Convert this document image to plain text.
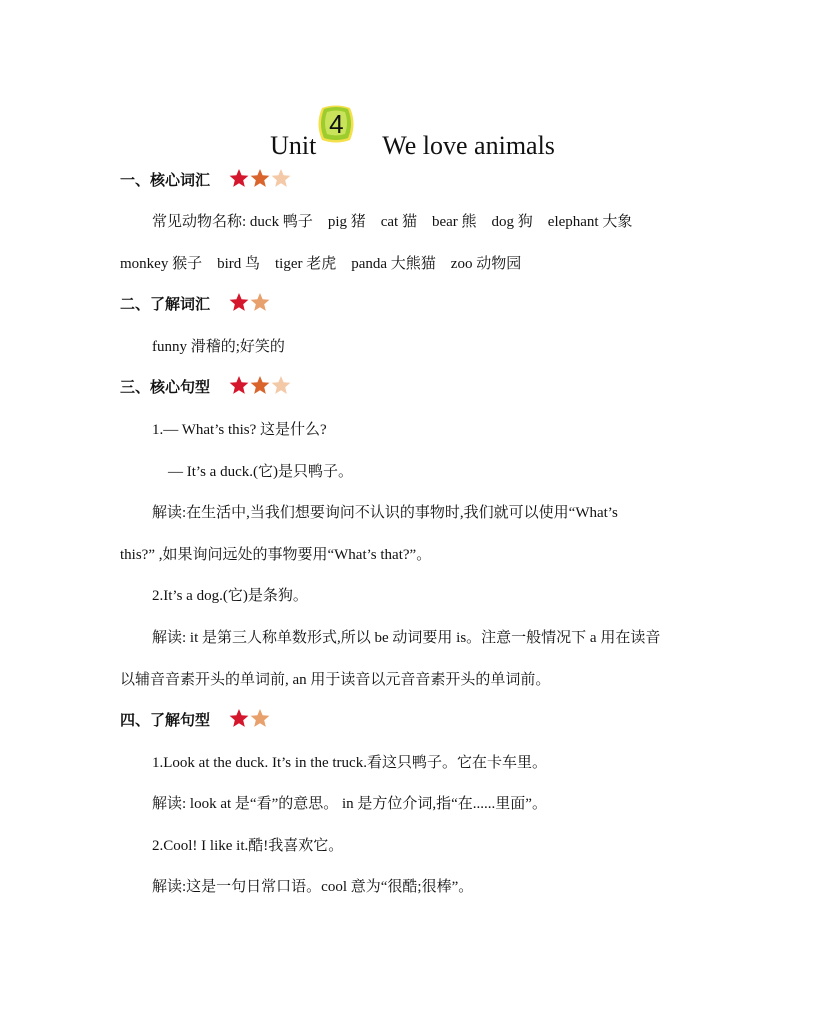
Unit
4
We love animals
一、核心词汇
常见动物名称: duck 鸭子　pig 猪　cat 猫　bear 熊　dog 狗　elephant 大象
monkey 猴子　bird 鸟　tiger 老虎　panda 大熊猫　zoo 动物园
二、了解词汇
funny 滑稽的;好笑的
三、核心句型
1.— What’s this? 这是什么?
— It’s a duck.(它)是只鸭子。
解读:在生活中,当我们想要询问不认识的事物时,我们就可以使用“What’s
this?” ,如果询问远处的事物要用“What’s that?”。
2.It’s a dog.(它)是条狗。
解读: it 是第三人称单数形式,所以 be 动词要用 is。注意一般情况下 a 用在读音
以辅音音素开头的单词前, an 用于读音以元音音素开头的单词前。
四、了解句型
1.Look at the duck. It’s in the truck.看这只鸭子。它在卡车里。
解读: look at 是“看”的意思。 in 是方位介词,指“在......里面”。
2.Cool! I like it.酷!我喜欢它。
解读:这是一句日常口语。cool 意为“很酷;很棒”。
